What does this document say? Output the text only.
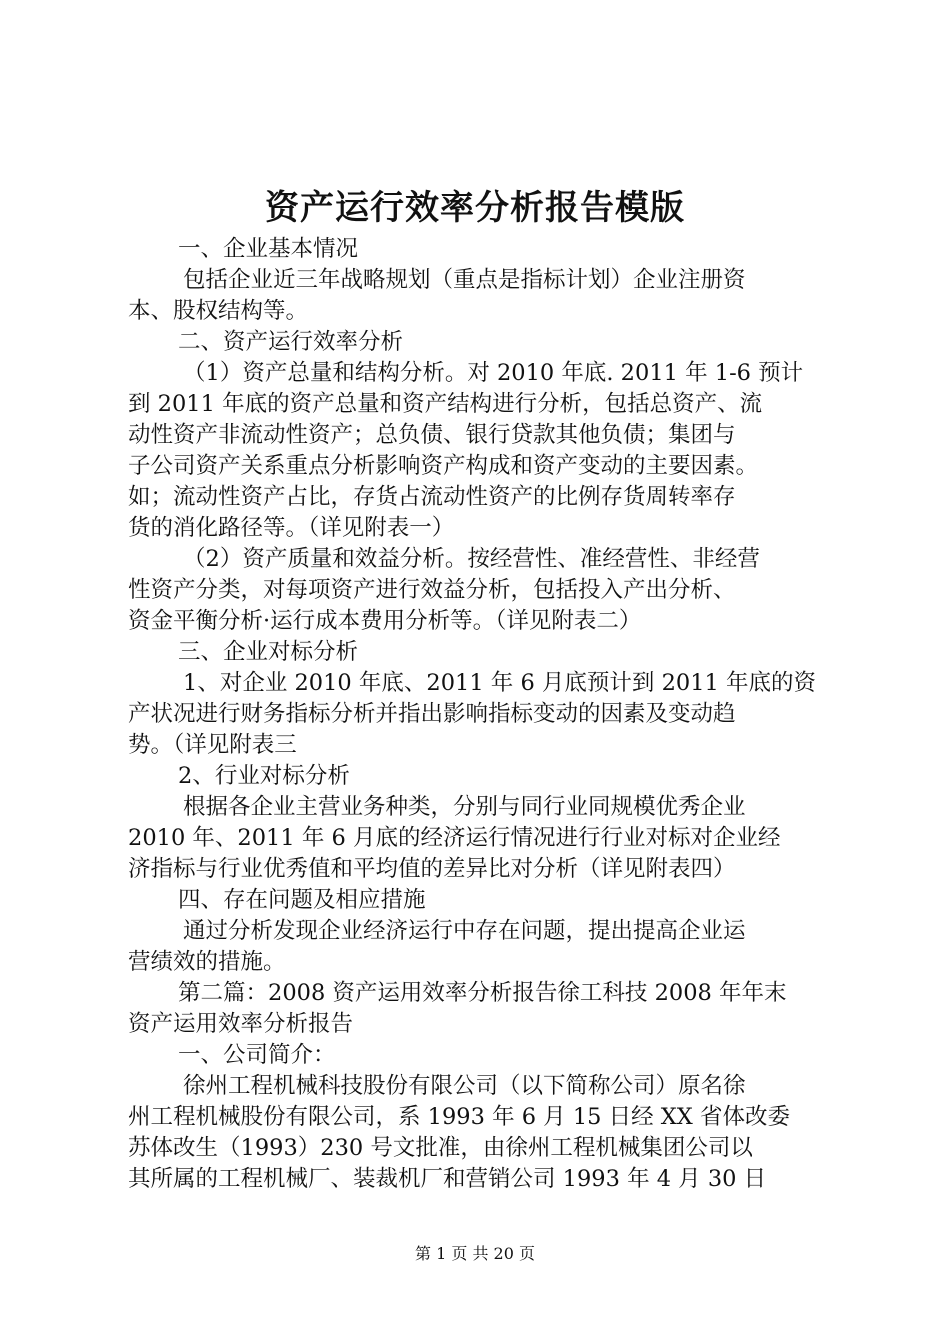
资产运行效率分析报告模版

一、企业基本情况

包括企业近三年战略规划（重点是指标计划）企业注册资

本、股权结构等。

二、资产运行效率分析

（1）资产总量和结构分析。对 2010 年底. 2011 年 1-6 预计

到 2011 年底的资产总量和资产结构进行分析，包括总资产、流

动性资产非流动性资产；总负债、银行贷款其他负债；集团与

子公司资产关系重点分析影响资产构成和资产变动的主要因素。

如；流动性资产占比，存货占流动性资产的比例存货周转率存

货的消化路径等。（详见附表一）

（2）资产质量和效益分析。按经营性、准经营性、非经营

性资产分类，对每项资产进行效益分析，包括投入产出分析、

资金平衡分析·运行成本费用分析等。（详见附表二）

三、企业对标分析

1、对企业 2010 年底、2011 年 6 月底预计到 2011 年底的资

产状况进行财务指标分析并指出影响指标变动的因素及变动趋

势。（详见附表三

2、行业对标分析

根据各企业主营业务种类，分别与同行业同规模优秀企业

2010 年、2011 年 6 月底的经济运行情况进行行业对标对企业经

济指标与行业优秀值和平均值的差异比对分析（详见附表四）

四、存在问题及相应措施

通过分析发现企业经济运行中存在问题，提出提高企业运

营绩效的措施。

第二篇：2008 资产运用效率分析报告徐工科技 2008 年年末

资产运用效率分析报告

一、公司简介：

徐州工程机械科技股份有限公司（以下简称公司）原名徐

州工程机械股份有限公司，系 1993 年 6 月 15 日经 XX 省体改委

苏体改生（1993）230 号文批准，由徐州工程机械集团公司以

其所属的工程机械厂、装裁机厂和营销公司 1993 年 4 月 30 日

第 1 页 共 20 页
